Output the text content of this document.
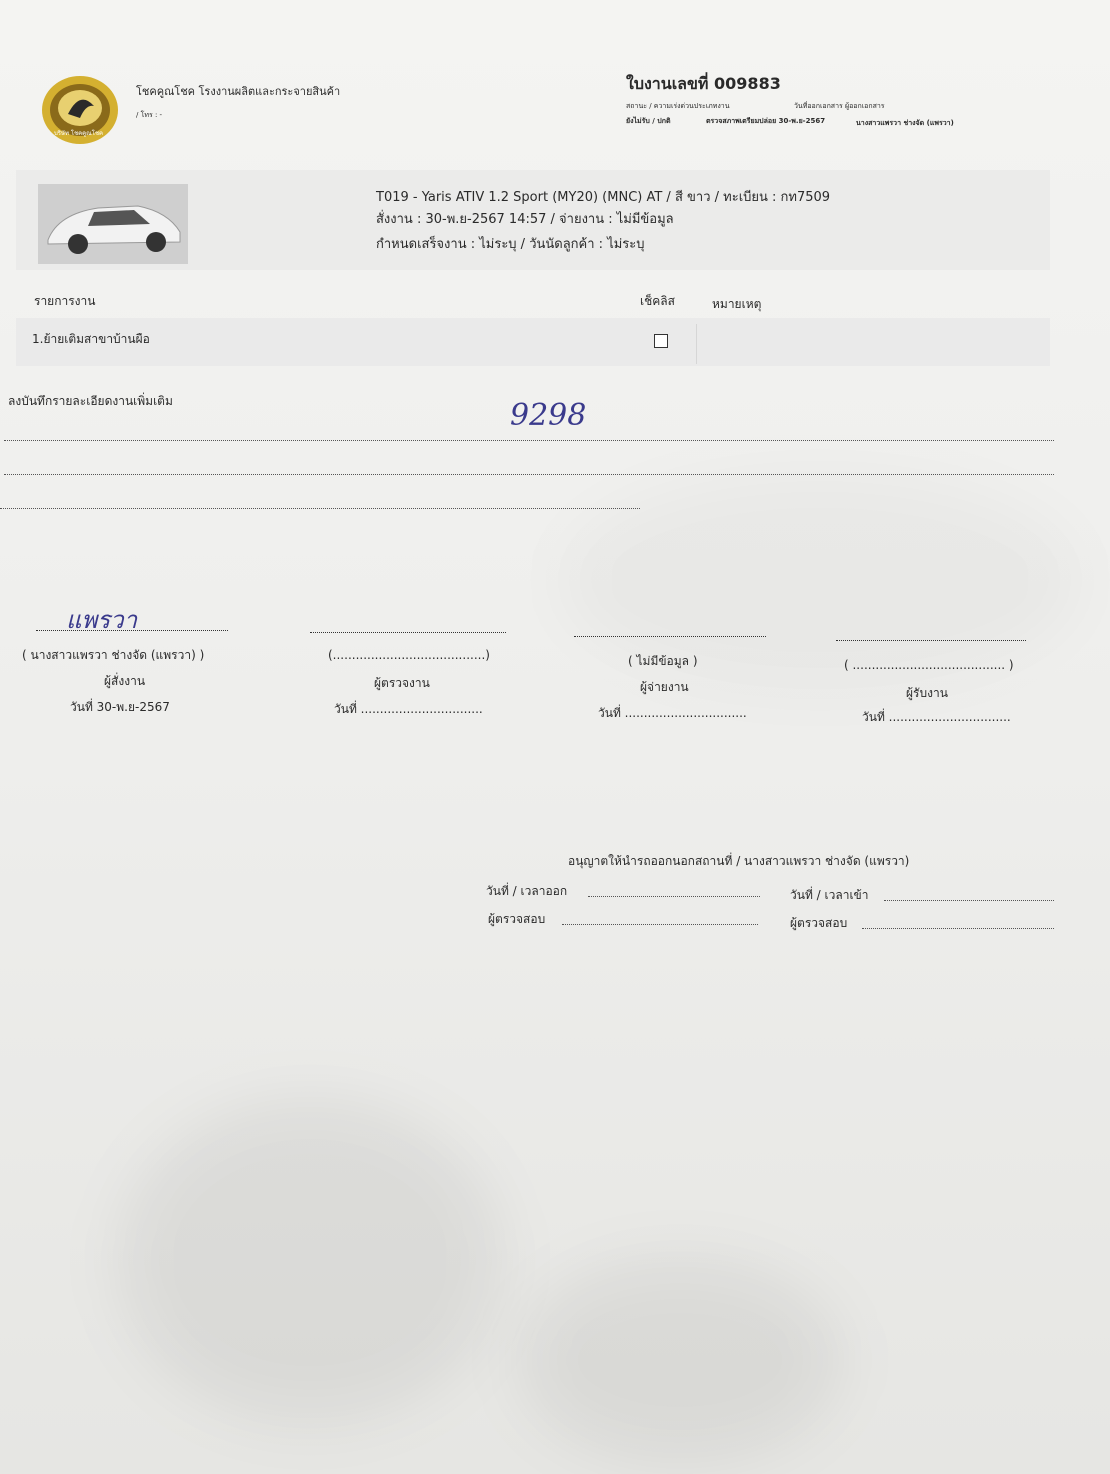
บริษัท โชคคูณโชค
โชคคูณโชค โรงงานผลิตและกระจายสินค้า
/ โทร : -
ใบงานเลขที่ 009883
สถานะ / ความเร่งด่วนประเภทงาน	วันที่ออกเอกสาร ผู้ออกเอกสาร
ยังไม่รับ / ปกติ	ตรวจสภาพเตรียมปล่อย 30-พ.ย-2567	นางสาวแพรวา ช่างจัด (แพรวา)
T019 - Yaris ATIV 1.2 Sport (MY20) (MNC) AT / สี ขาว / ทะเบียน : กท7509
สั่งงาน : 30-พ.ย-2567 14:57 / จ่ายงาน : ไม่มีข้อมูล
กำหนดเสร็จงาน : ไม่ระบุ / วันนัดลูกค้า : ไม่ระบุ
รายการงาน	เช็คลิส	หมายเหตุ
1.ย้ายเติมสาขาบ้านผือ
ลงบันทึกรายละเอียดงานเพิ่มเติม	9298
แพรวา
( นางสาวแพรวา ช่างจัด (แพรวา) )
ผู้สั่งงาน
วันที่ 30-พ.ย-2567
(........................................)
ผู้ตรวจงาน
วันที่ ................................
( ไม่มีข้อมูล )
ผู้จ่ายงาน
วันที่ ................................
( ........................................ )
ผู้รับงาน
วันที่ ................................
อนุญาตให้นำรถออกนอกสถานที่ / นางสาวแพรวา ช่างจัด (แพรวา)
วันที่ / เวลาออก	วันที่ / เวลาเข้า
ผู้ตรวจสอบ	ผู้ตรวจสอบ
